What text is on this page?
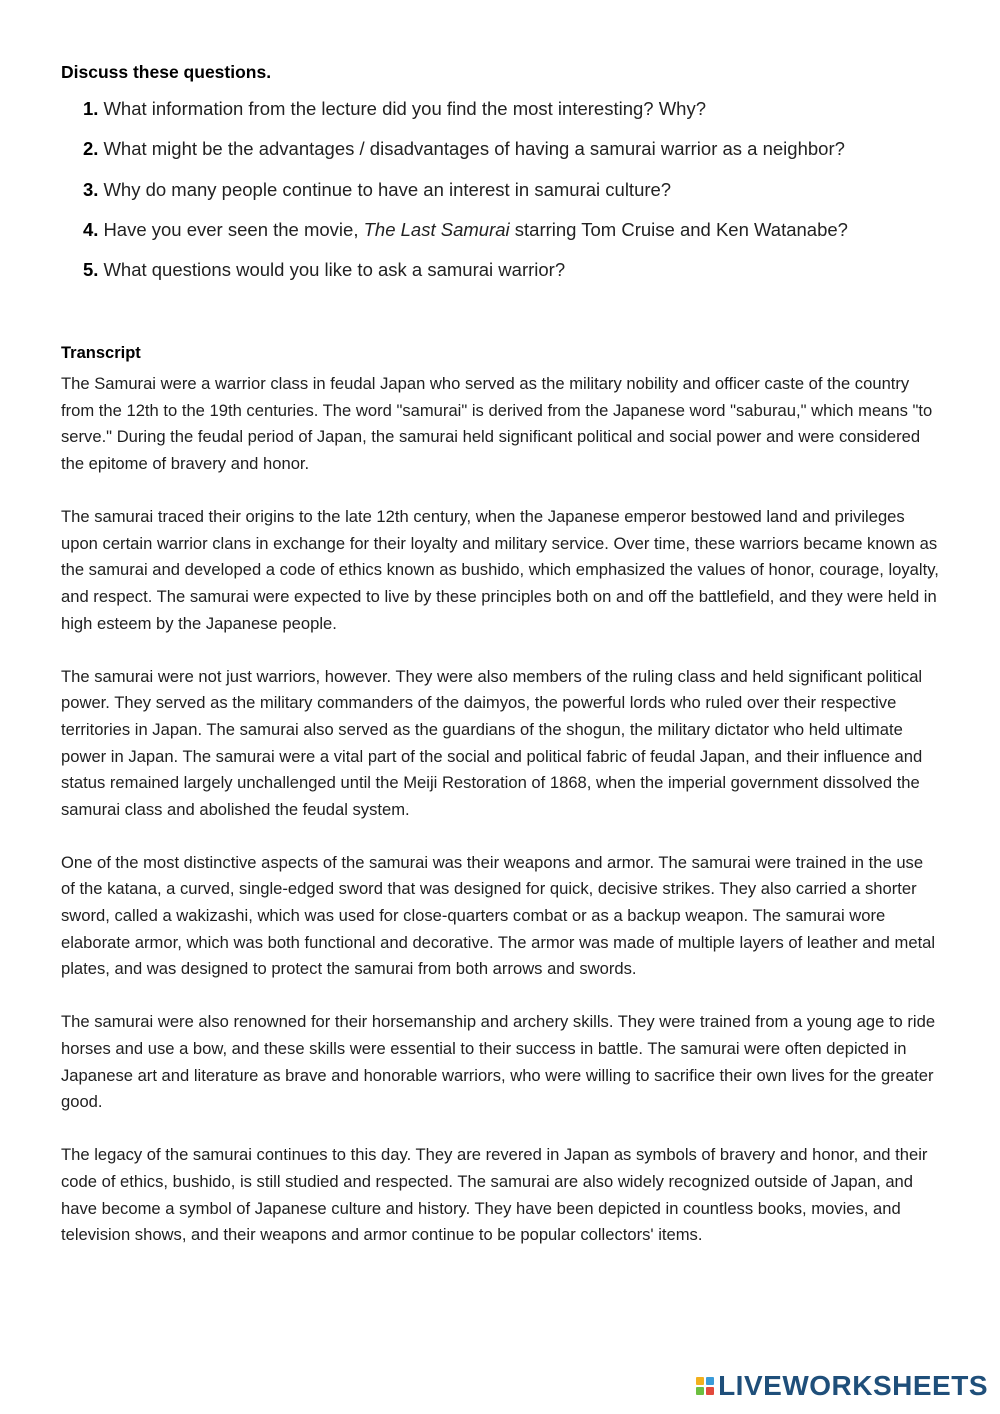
Discuss these questions.
1. What information from the lecture did you find the most interesting? Why?
2. What might be the advantages / disadvantages of having a samurai warrior as a neighbor?
3. Why do many people continue to have an interest in samurai culture?
4. Have you ever seen the movie, The Last Samurai starring Tom Cruise and Ken Watanabe?
5. What questions would you like to ask a samurai warrior?
Transcript

The Samurai were a warrior class in feudal Japan who served as the military nobility and officer caste of the country from the 12th to the 19th centuries. The word "samurai" is derived from the Japanese word "saburau," which means "to serve." During the feudal period of Japan, the samurai held significant political and social power and were considered the epitome of bravery and honor.

The samurai traced their origins to the late 12th century, when the Japanese emperor bestowed land and privileges upon certain warrior clans in exchange for their loyalty and military service. Over time, these warriors became known as the samurai and developed a code of ethics known as bushido, which emphasized the values of honor, courage, loyalty, and respect. The samurai were expected to live by these principles both on and off the battlefield, and they were held in high esteem by the Japanese people.

The samurai were not just warriors, however. They were also members of the ruling class and held significant political power. They served as the military commanders of the daimyos, the powerful lords who ruled over their respective territories in Japan. The samurai also served as the guardians of the shogun, the military dictator who held ultimate power in Japan. The samurai were a vital part of the social and political fabric of feudal Japan, and their influence and status remained largely unchallenged until the Meiji Restoration of 1868, when the imperial government dissolved the samurai class and abolished the feudal system.

One of the most distinctive aspects of the samurai was their weapons and armor. The samurai were trained in the use of the katana, a curved, single-edged sword that was designed for quick, decisive strikes. They also carried a shorter sword, called a wakizashi, which was used for close-quarters combat or as a backup weapon. The samurai wore elaborate armor, which was both functional and decorative. The armor was made of multiple layers of leather and metal plates, and was designed to protect the samurai from both arrows and swords.

The samurai were also renowned for their horsemanship and archery skills. They were trained from a young age to ride horses and use a bow, and these skills were essential to their success in battle. The samurai were often depicted in Japanese art and literature as brave and honorable warriors, who were willing to sacrifice their own lives for the greater good.

The legacy of the samurai continues to this day. They are revered in Japan as symbols of bravery and honor, and their code of ethics, bushido, is still studied and respected. The samurai are also widely recognized outside of Japan, and have become a symbol of Japanese culture and history. They have been depicted in countless books, movies, and television shows, and their weapons and armor continue to be popular collectors' items.

LIVEWORKSHEETS
